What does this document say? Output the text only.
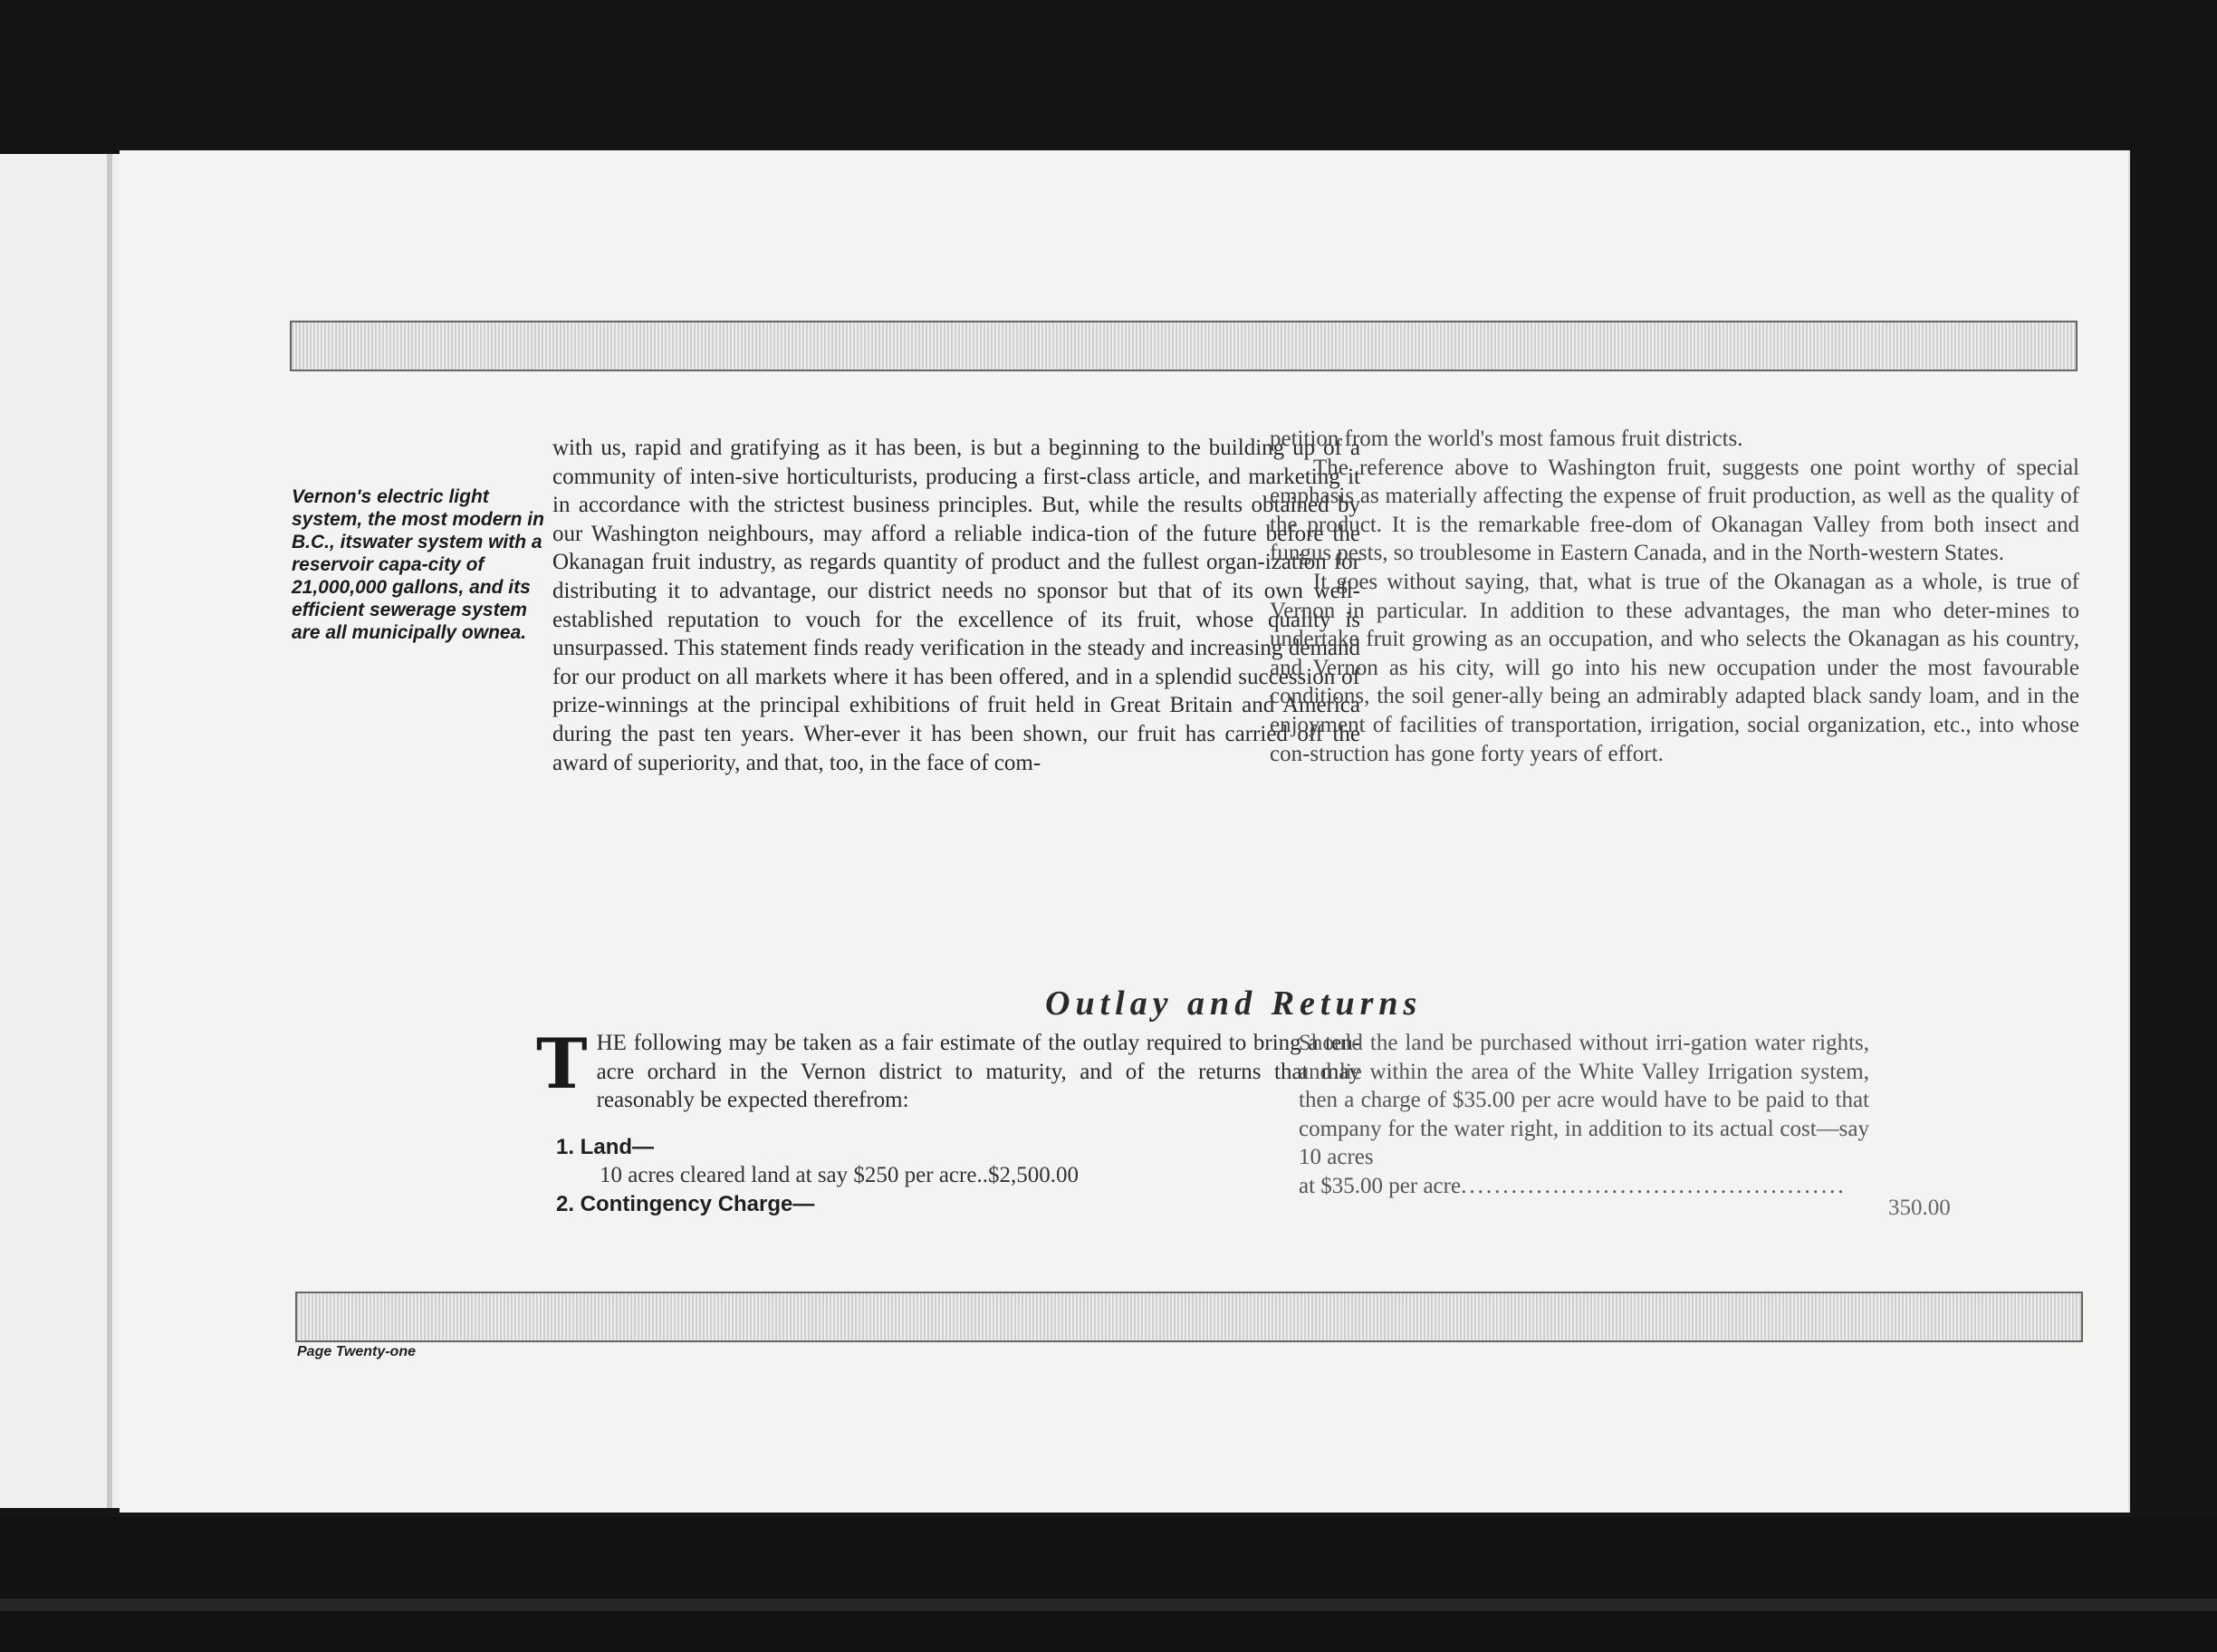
Vernon's electric light system, the most modern in B.C., itswater system with a reservoir capa-city of 21,000,000 gallons, and its efficient sewerage system are all municipally ownea.

with us, rapid and gratifying as it has been, is but a beginning to the building up of a community of inten-sive horticulturists, producing a first-class article, and marketing it in accordance with the strictest business principles. But, while the results obtained by our Washington neighbours, may afford a reliable indica-tion of the future before the Okanagan fruit industry, as regards quantity of product and the fullest organ-ization for distributing it to advantage, our district needs no sponsor but that of its own well-established reputation to vouch for the excellence of its fruit, whose quality is unsurpassed. This statement finds ready verification in the steady and increasing demand for our product on all markets where it has been offered, and in a splendid succession of prize-winnings at the principal exhibitions of fruit held in Great Britain and America during the past ten years. Wher-ever it has been shown, our fruit has carried off the award of superiority, and that, too, in the face of com-

petition from the world's most famous fruit districts.

The reference above to Washington fruit, suggests one point worthy of special emphasis as materially affecting the expense of fruit production, as well as the quality of the product. It is the remarkable free-dom of Okanagan Valley from both insect and fungus pests, so troublesome in Eastern Canada, and in the North-western States.

It goes without saying, that, what is true of the Okanagan as a whole, is true of Vernon in particular. In addition to these advantages, the man who deter-mines to undertake fruit growing as an occupation, and who selects the Okanagan as his country, and Vernon as his city, will go into his new occupation under the most favourable conditions, the soil gener-ally being an admirably adapted black sandy loam, and in the enjoyment of facilities of transportation, irrigation, social organization, etc., into whose con-struction has gone forty years of effort.

Outlay and Returns
T HE following may be taken as a fair estimate of the outlay required to bring a ten-acre orchard in the Vernon district to maturity, and of the returns that may reasonably be expected therefrom:

1. Land—
10 acres cleared land at say $250 per acre..$2,500.00
2. Contingency Charge—

Should the land be purchased without irri-gation water rights, and lie within the area of the White Valley Irrigation system, then a charge of $35.00 per acre would have to be paid to that company for the water right, in addition to its actual cost—say 10 acres

at $35.00 per acre ..............................................
350.00
Page Twenty-one
